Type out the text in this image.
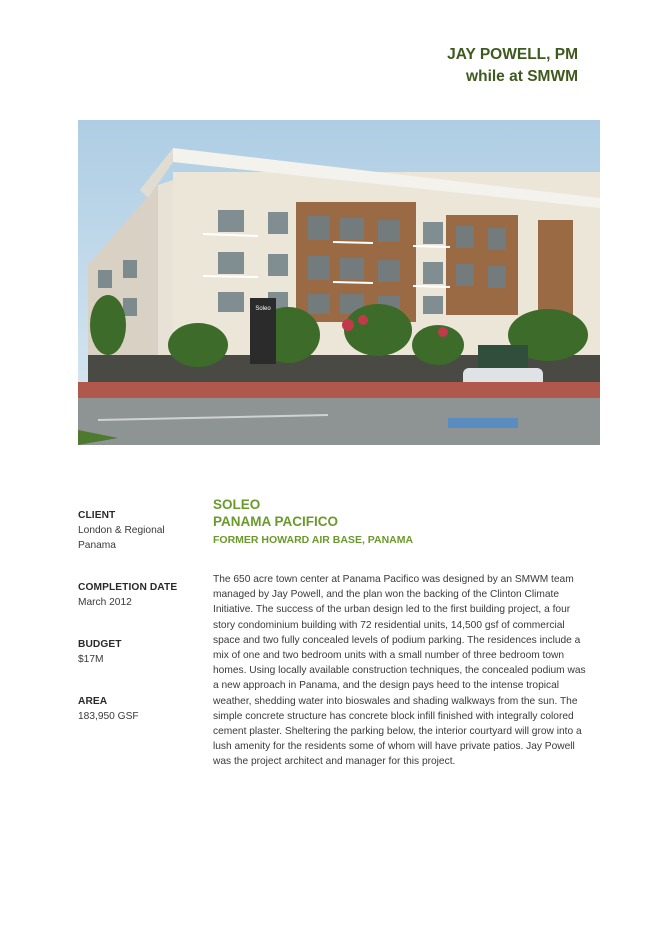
JAY POWELL, PM
while at SMWM
Soleo
CLIENT
London & Regional
Panama
COMPLETION DATE
March 2012
BUDGET
$17M
AREA
183,950 GSF
SOLEO
PANAMA PACIFICO
FORMER HOWARD AIR BASE, PANAMA
The 650 acre town center at Panama Pacifico was designed by an SMWM team managed by Jay Powell, and the plan won the backing of the Clinton Climate Initiative. The success of the urban design led to the first building project, a four story condominium building with 72 residential units, 14,500 gsf of commercial space and two fully concealed levels of podium parking. The residences include a mix of one and two bedroom units with a small number of three bedroom town homes. Using locally available construction techniques, the concealed podium was a new approach in Panama, and the design pays heed to the intense tropical weather, shedding water into bioswales and shading walkways from the sun. The simple concrete structure has concrete block infill finished with integrally colored cement plaster. Sheltering the parking below, the interior courtyard will grow into a lush amenity for the residents some of whom will have private patios. Jay Powell was the project architect and manager for this project.
